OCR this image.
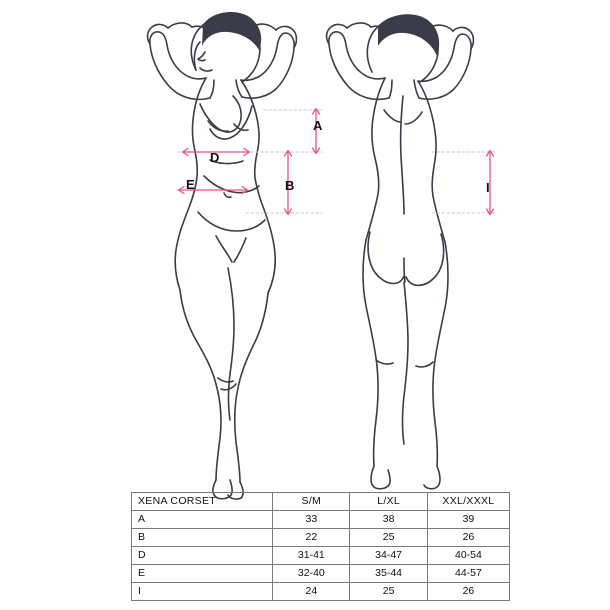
A
B
D
E	I
XENA CORSET	S/M	L/XL	XXL/XXXL
A	33	38	39
B	22	25	26
D	31-41	34-47	40-54
E	32-40	35-44	44-57
I	24	25	26
